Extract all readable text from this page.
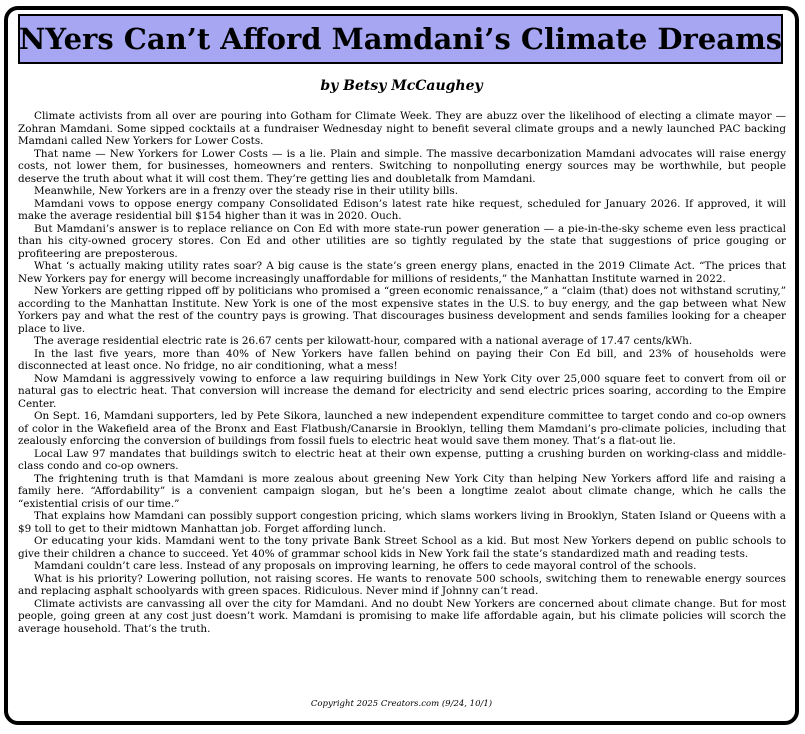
NYers Can’t Afford Mamdani’s Climate Dreams
by Betsy McCaughey

Climate activists from all over are pouring into Gotham for Climate Week. They are abuzz over the likelihood of electing a climate mayor — Zohran Mamdani. Some sipped cocktails at a fundraiser Wednesday night to benefit several climate groups and a newly launched PAC backing Mamdani called New Yorkers for Lower Costs.

That name — New Yorkers for Lower Costs — is a lie. Plain and simple. The massive decarbonization Mamdani advocates will raise energy costs, not lower them, for businesses, homeowners and renters. Switching to nonpolluting energy sources may be worthwhile, but people deserve the truth about what it will cost them. They’re getting lies and doubletalk from Mamdani.

Meanwhile, New Yorkers are in a frenzy over the steady rise in their utility bills.

Mamdani vows to oppose energy company Consolidated Edison’s latest rate hike request, scheduled for January 2026. If approved, it will make the average residential bill $154 higher than it was in 2020. Ouch.

But Mamdani’s answer is to replace reliance on Con Ed with more state-run power generation — a pie-in-the-sky scheme even less practical than his city-owned grocery stores. Con Ed and other utilities are so tightly regulated by the state that suggestions of price gouging or profiteering are preposterous.

What ‘s actually making utility rates soar? A big cause is the state’s green energy plans, enacted in the 2019 Climate Act. “The prices that New Yorkers pay for energy will become increasingly unaffordable for millions of residents,” the Manhattan Institute warned in 2022.

New Yorkers are getting ripped off by politicians who promised a “green economic renaissance,” a “claim (that) does not withstand scrutiny,” according to the Manhattan Institute. New York is one of the most expensive states in the U.S. to buy energy, and the gap between what New Yorkers pay and what the rest of the country pays is growing. That discourages business development and sends families looking for a cheaper place to live.

The average residential electric rate is 26.67 cents per kilowatt-hour, compared with a national average of 17.47 cents/kWh.

In the last five years, more than 40% of New Yorkers have fallen behind on paying their Con Ed bill, and 23% of households were disconnected at least once. No fridge, no air conditioning, what a mess!

Now Mamdani is aggressively vowing to enforce a law requiring buildings in New York City over 25,000 square feet to convert from oil or natural gas to electric heat. That conversion will increase the demand for electricity and send electric prices soaring, according to the Empire Center.

On Sept. 16, Mamdani supporters, led by Pete Sikora, launched a new independent expenditure committee to target condo and co-op owners of color in the Wakefield area of the Bronx and East Flatbush/Canarsie in Brooklyn, telling them Mamdani’s pro-climate policies, including that zealously enforcing the conversion of buildings from fossil fuels to electric heat would save them money. That’s a flat-out lie.

Local Law 97 mandates that buildings switch to electric heat at their own expense, putting a crushing burden on working-class and middle-class condo and co-op owners.

The frightening truth is that Mamdani is more zealous about greening New York City than helping New Yorkers afford life and raising a family here. “Affordability” is a convenient campaign slogan, but he’s been a longtime zealot about climate change, which he calls the “existential crisis of our time.”

That explains how Mamdani can possibly support congestion pricing, which slams workers living in Brooklyn, Staten Island or Queens with a $9 toll to get to their midtown Manhattan job. Forget affording lunch.

Or educating your kids. Mamdani went to the tony private Bank Street School as a kid. But most New Yorkers depend on public schools to give their children a chance to succeed. Yet 40% of grammar school kids in New York fail the state’s standardized math and reading tests.

Mamdani couldn’t care less. Instead of any proposals on improving learning, he offers to cede mayoral control of the schools.

What is his priority? Lowering pollution, not raising scores. He wants to renovate 500 schools, switching them to renewable energy sources and replacing asphalt schoolyards with green spaces. Ridiculous. Never mind if Johnny can’t read.

Climate activists are canvassing all over the city for Mamdani. And no doubt New Yorkers are concerned about climate change. But for most people, going green at any cost just doesn’t work. Mamdani is promising to make life affordable again, but his climate policies will scorch the average household. That’s the truth.

Copyright 2025 Creators.com (9/24, 10/1)
